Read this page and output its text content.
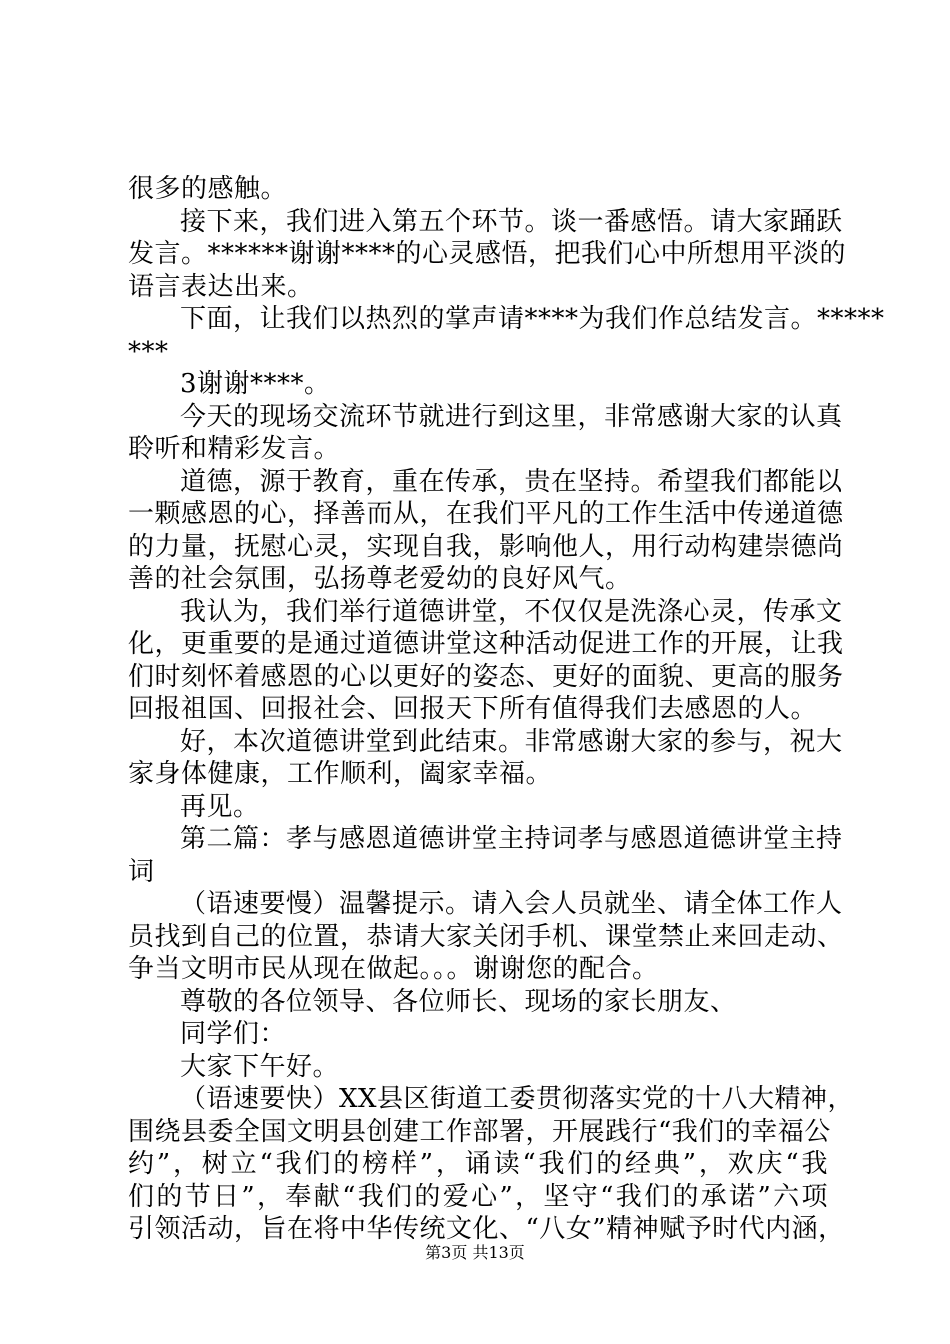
很多的感触。
接下来，我们进入第五个环节。谈一番感悟。请大家踊跃
发言。******谢谢****的心灵感悟，把我们心中所想用平淡的
语言表达出来。
下面，让我们以热烈的掌声请****为我们作总结发言。*****
***
3谢谢****。
今天的现场交流环节就进行到这里，非常感谢大家的认真
聆听和精彩发言。
道德，源于教育，重在传承，贵在坚持。希望我们都能以
一颗感恩的心，择善而从，在我们平凡的工作生活中传递道德
的力量，抚慰心灵，实现自我，影响他人，用行动构建崇德尚
善的社会氛围，弘扬尊老爱幼的良好风气。
我认为，我们举行道德讲堂，不仅仅是洗涤心灵，传承文
化，更重要的是通过道德讲堂这种活动促进工作的开展，让我
们时刻怀着感恩的心以更好的姿态、更好的面貌、更高的服务
回报祖国、回报社会、回报天下所有值得我们去感恩的人。
好，本次道德讲堂到此结束。非常感谢大家的参与，祝大
家身体健康，工作顺利，阖家幸福。
再见。
第二篇：孝与感恩道德讲堂主持词孝与感恩道德讲堂主持
词
（语速要慢）温馨提示。请入会人员就坐、请全体工作人
员找到自己的位置，恭请大家关闭手机、课堂禁止来回走动、
争当文明市民从现在做起。。。谢谢您的配合。
尊敬的各位领导、各位师长、现场的家长朋友、
同学们：
大家下午好。
（语速要快）XX县区街道工委贯彻落实党的十八大精神，
围绕县委全国文明县创建工作部署，开展践行“我们的幸福公
约”，树立“我们的榜样”，诵读“我们的经典”，欢庆“我
们的节日”，奉献“我们的爱心”，坚守“我们的承诺”六项
引领活动，旨在将中华传统文化、“八女”精神赋予时代内涵，
第3页 共13页
